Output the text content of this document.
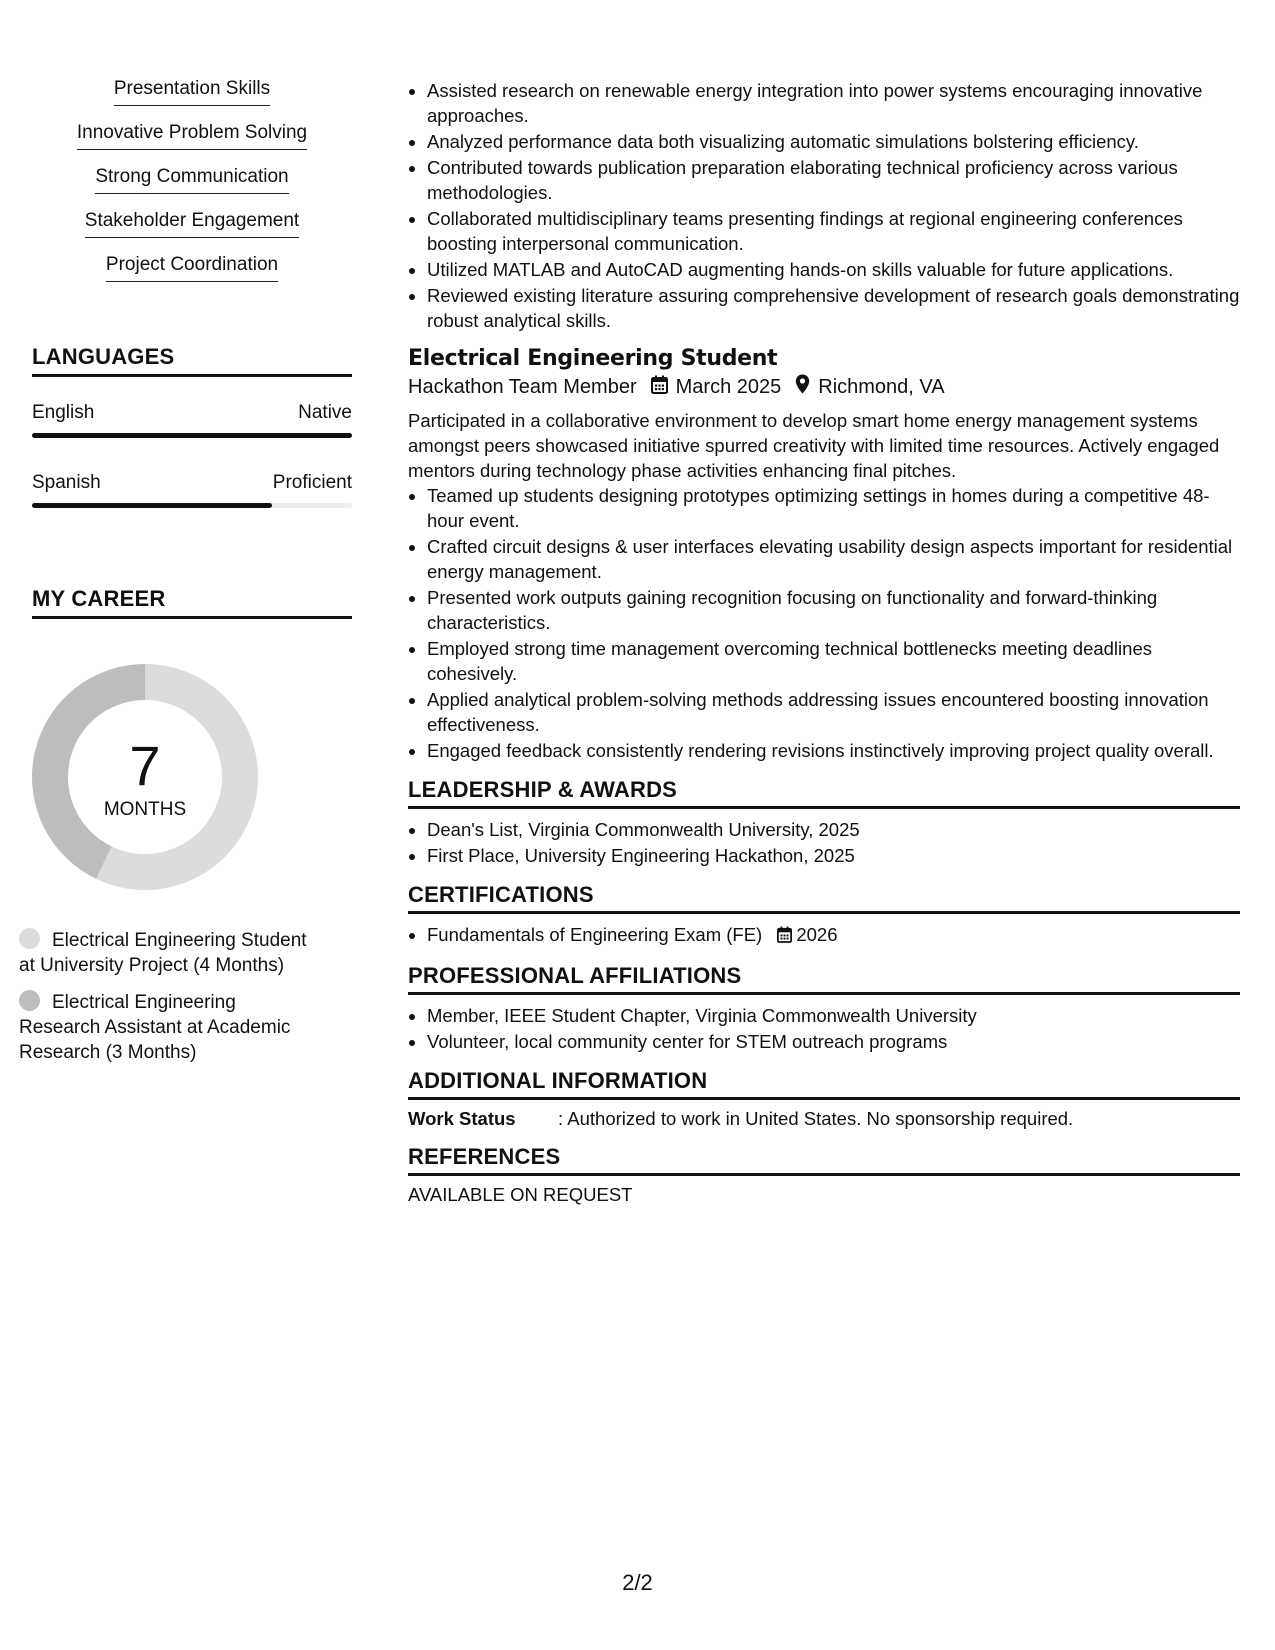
Presentation Skills
Innovative Problem Solving
Strong Communication
Stakeholder Engagement
Project Coordination
LANGUAGES
English	Native
Spanish	Proficient
MY CAREER
7
MONTHS
Electrical Engineering Student at University Project (4 Months)
Electrical Engineering Research Assistant at Academic Research (3 Months)
• Assisted research on renewable energy integration into power systems encouraging innovative approaches.
• Analyzed performance data both visualizing automatic simulations bolstering efficiency.
• Contributed towards publication preparation elaborating technical proficiency across various methodologies.
• Collaborated multidisciplinary teams presenting findings at regional engineering conferences boosting interpersonal communication.
• Utilized MATLAB and AutoCAD augmenting hands-on skills valuable for future applications.
• Reviewed existing literature assuring comprehensive development of research goals demonstrating robust analytical skills.
Electrical Engineering Student
Hackathon Team Member March 2025 Richmond, VA
Participated in a collaborative environment to develop smart home energy management systems amongst peers showcased initiative spurred creativity with limited time resources. Actively engaged mentors during technology phase activities enhancing final pitches.
• Teamed up students designing prototypes optimizing settings in homes during a competitive 48-hour event.
• Crafted circuit designs & user interfaces elevating usability design aspects important for residential energy management.
• Presented work outputs gaining recognition focusing on functionality and forward-thinking characteristics.
• Employed strong time management overcoming technical bottlenecks meeting deadlines cohesively.
• Applied analytical problem-solving methods addressing issues encountered boosting innovation effectiveness.
• Engaged feedback consistently rendering revisions instinctively improving project quality overall.
LEADERSHIP & AWARDS
• Dean's List, Virginia Commonwealth University, 2025
• First Place, University Engineering Hackathon, 2025
CERTIFICATIONS
• Fundamentals of Engineering Exam (FE) 2026
PROFESSIONAL AFFILIATIONS
• Member, IEEE Student Chapter, Virginia Commonwealth University
• Volunteer, local community center for STEM outreach programs
ADDITIONAL INFORMATION
Work Status	: Authorized to work in United States. No sponsorship required.
REFERENCES
AVAILABLE ON REQUEST
2/2
